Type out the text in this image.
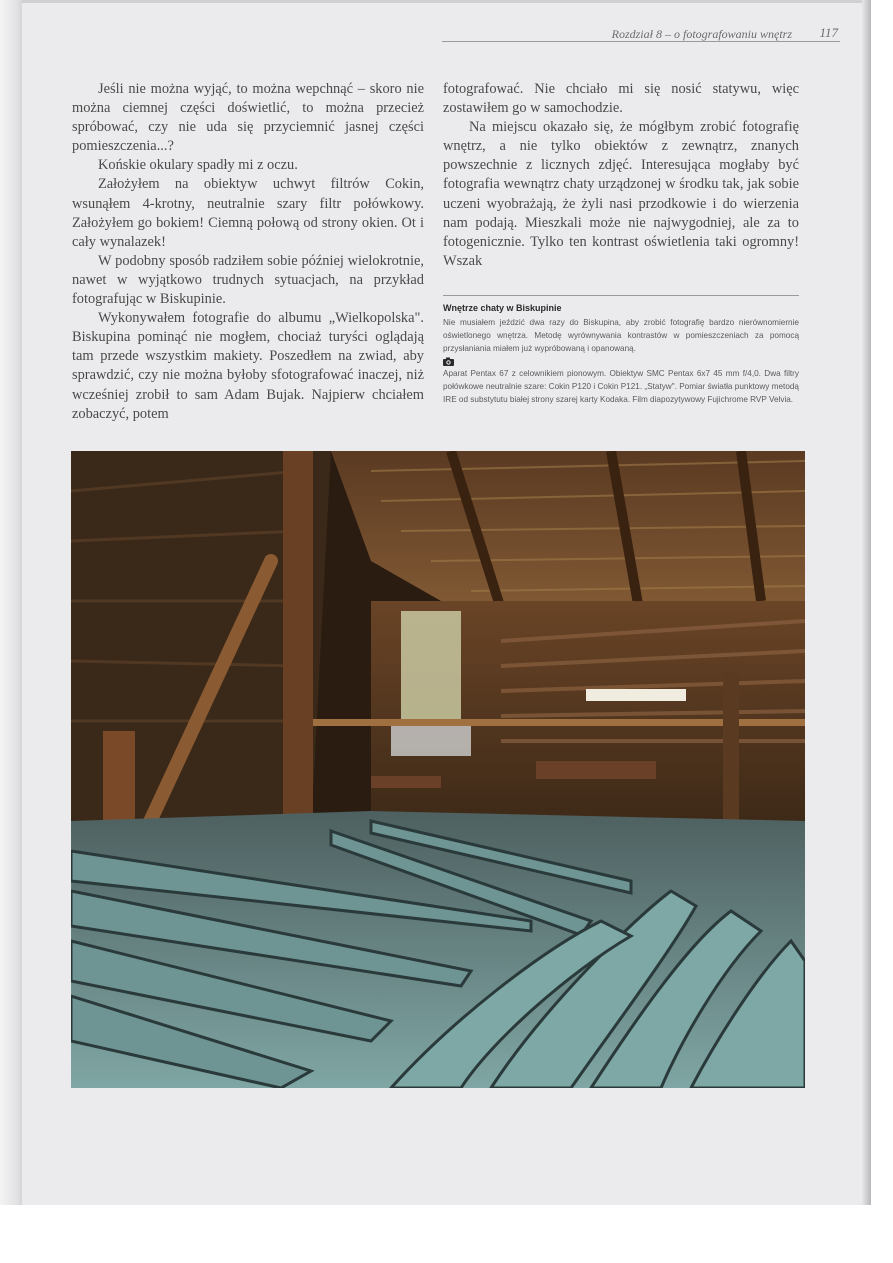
Rozdział 8 – o fotografowaniu wnętrz 117

Jeśli nie można wyjąć, to można wepchnąć – skoro nie można ciemnej części doświetlić, to można przecież spróbować, czy nie uda się przyciemnić jasnej części pomieszczenia...?

Końskie okulary spadły mi z oczu.

Założyłem na obiektyw uchwyt filtrów Cokin, wsunąłem 4-krotny, neutralnie szary filtr połówkowy. Założyłem go bokiem! Ciemną połową od strony okien. Ot i cały wynalazek!

W podobny sposób radziłem sobie później wielokrotnie, nawet w wyjątkowo trudnych sytuacjach, na przykład fotografując w Biskupinie.

Wykonywałem fotografie do albumu „Wielkopolska". Biskupina pominąć nie mogłem, chociaż turyści oglądają tam przede wszystkim makiety. Poszedłem na zwiad, aby sprawdzić, czy nie można byłoby sfotografować inaczej, niż wcześniej zrobił to sam Adam Bujak. Najpierw chciałem zobaczyć, potem

fotografować. Nie chciało mi się nosić statywu, więc zostawiłem go w samochodzie.

Na miejscu okazało się, że mógłbym zrobić fotografię wnętrz, a nie tylko obiektów z zewnątrz, znanych powszechnie z licznych zdjęć. Interesująca mogłaby być fotografia wewnątrz chaty urządzonej w środku tak, jak sobie uczeni wyobrażają, że żyli nasi przodkowie i do wierzenia nam podają. Mieszkali może nie najwygodniej, ale za to fotogenicznie. Tylko ten kontrast oświetlenia taki ogromny! Wszak

Wnętrze chaty w Biskupinie
Nie musiałem jeździć dwa razy do Biskupina, aby zrobić fotografię bardzo nierównomiernie oświetlonego wnętrza. Metodę wyrównywania kontrastów w pomieszczeniach za pomocą przysłaniania miałem już wypróbowaną i opanowaną.
Aparat Pentax 67 z celownikiem pionowym. Obiektyw SMC Pentax 6x7 45 mm f/4,0. Dwa filtry połówkowe neutralnie szare: Cokin P120 i Cokin P121. „Statyw". Pomiar światła punktowy metodą IRE od substytutu białej strony szarej karty Kodaka. Film diapozytywowy Fujichrome RVP Velvia.
